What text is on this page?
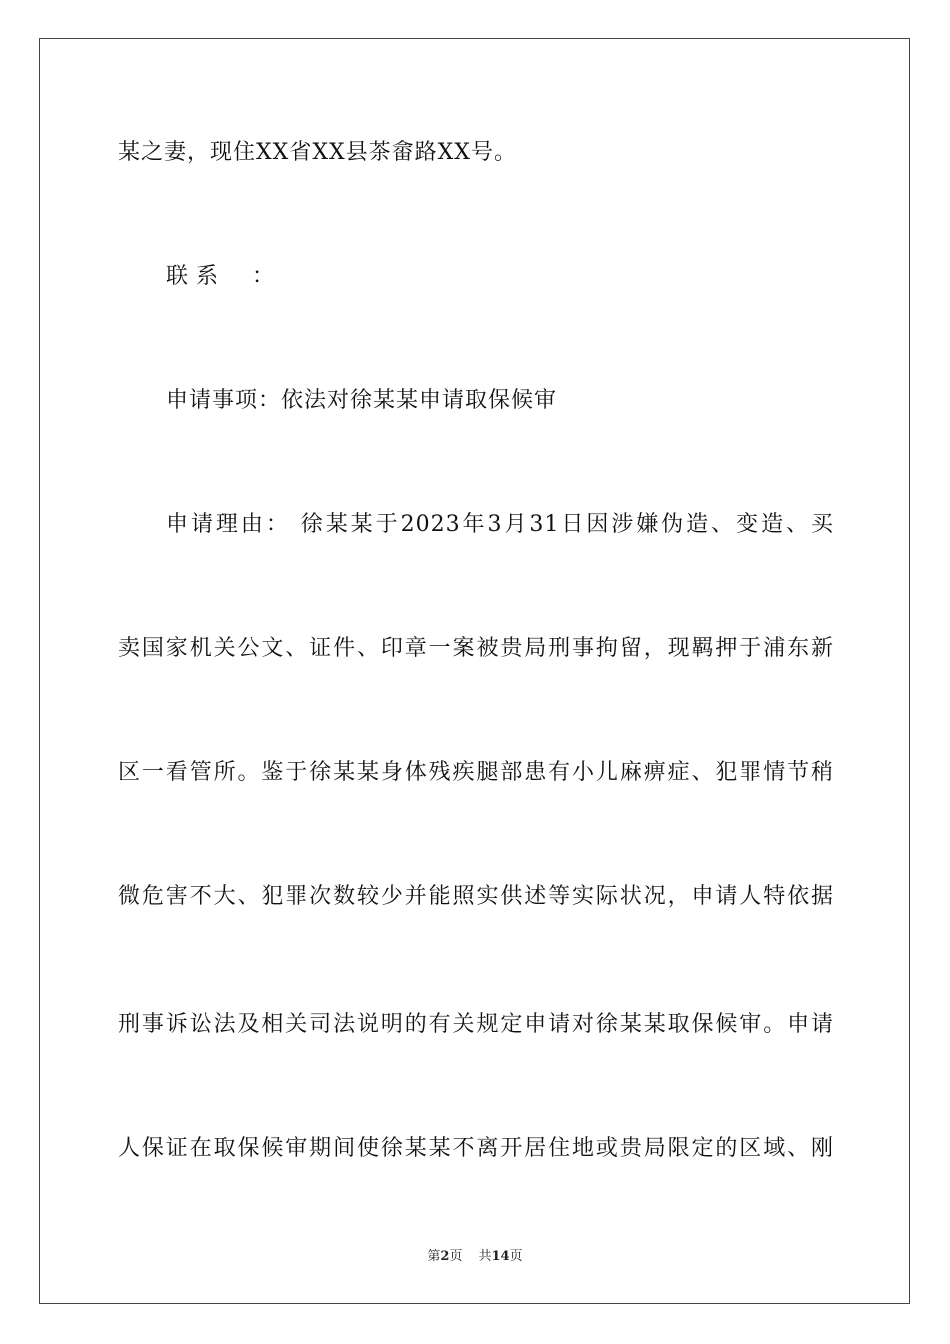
某之妻，现住XX省XX县茶畲路XX号。
联系 ：
申请事项：依法对徐某某申请取保候审
申请理由： 徐某某于2023年3月31日因涉嫌伪造、变造、买
卖国家机关公文、证件、印章一案被贵局刑事拘留，现羁押于浦东新
区一看管所。鉴于徐某某身体残疾腿部患有小儿麻痹症、犯罪情节稍
微危害不大、犯罪次数较少并能照实供述等实际状况，申请人特依据
刑事诉讼法及相关司法说明的有关规定申请对徐某某取保候审。申请
人保证在取保候审期间使徐某某不离开居住地或贵局限定的区域、刚
第2页 共14页
